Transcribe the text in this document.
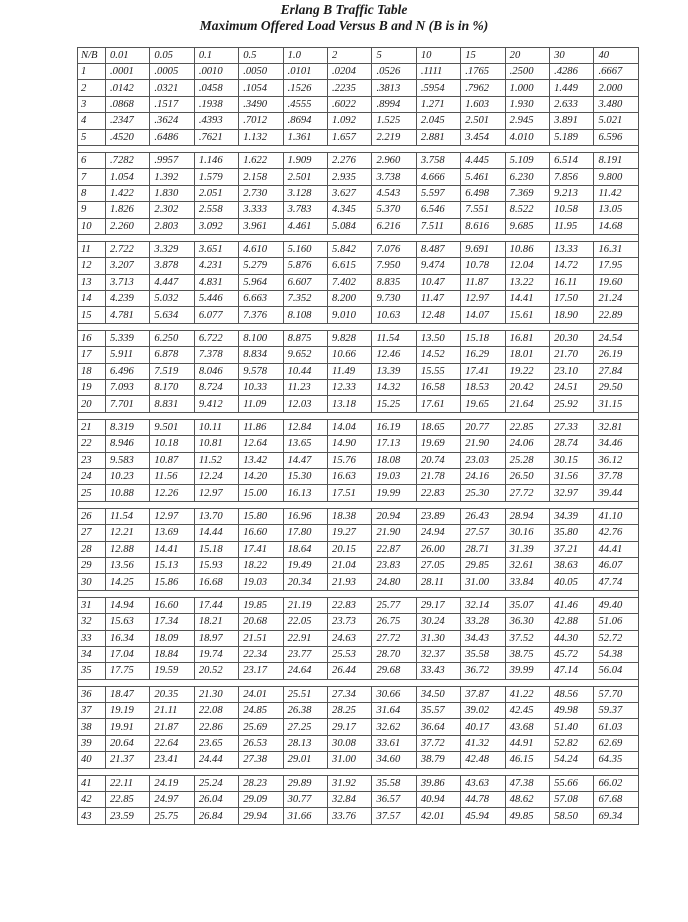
Erlang B Traffic Table
Maximum Offered Load Versus B and N (B is in %)
N/B	0.01	0.05	0.1	0.5	1.0	2	5	10	15	20	30	40
1	.0001	.0005	.0010	.0050	.0101	.0204	.0526	.1111	.1765	.2500	.4286	.6667
2	.0142	.0321	.0458	.1054	.1526	.2235	.3813	.5954	.7962	1.000	1.449	2.000
3	.0868	.1517	.1938	.3490	.4555	.6022	.8994	1.271	1.603	1.930	2.633	3.480
4	.2347	.3624	.4393	.7012	.8694	1.092	1.525	2.045	2.501	2.945	3.891	5.021
5	.4520	.6486	.7621	1.132	1.361	1.657	2.219	2.881	3.454	4.010	5.189	6.596

6	.7282	.9957	1.146	1.622	1.909	2.276	2.960	3.758	4.445	5.109	6.514	8.191
7	1.054	1.392	1.579	2.158	2.501	2.935	3.738	4.666	5.461	6.230	7.856	9.800
8	1.422	1.830	2.051	2.730	3.128	3.627	4.543	5.597	6.498	7.369	9.213	11.42
9	1.826	2.302	2.558	3.333	3.783	4.345	5.370	6.546	7.551	8.522	10.58	13.05
10	2.260	2.803	3.092	3.961	4.461	5.084	6.216	7.511	8.616	9.685	11.95	14.68

11	2.722	3.329	3.651	4.610	5.160	5.842	7.076	8.487	9.691	10.86	13.33	16.31
12	3.207	3.878	4.231	5.279	5.876	6.615	7.950	9.474	10.78	12.04	14.72	17.95
13	3.713	4.447	4.831	5.964	6.607	7.402	8.835	10.47	11.87	13.22	16.11	19.60
14	4.239	5.032	5.446	6.663	7.352	8.200	9.730	11.47	12.97	14.41	17.50	21.24
15	4.781	5.634	6.077	7.376	8.108	9.010	10.63	12.48	14.07	15.61	18.90	22.89

16	5.339	6.250	6.722	8.100	8.875	9.828	11.54	13.50	15.18	16.81	20.30	24.54
17	5.911	6.878	7.378	8.834	9.652	10.66	12.46	14.52	16.29	18.01	21.70	26.19
18	6.496	7.519	8.046	9.578	10.44	11.49	13.39	15.55	17.41	19.22	23.10	27.84
19	7.093	8.170	8.724	10.33	11.23	12.33	14.32	16.58	18.53	20.42	24.51	29.50
20	7.701	8.831	9.412	11.09	12.03	13.18	15.25	17.61	19.65	21.64	25.92	31.15

21	8.319	9.501	10.11	11.86	12.84	14.04	16.19	18.65	20.77	22.85	27.33	32.81
22	8.946	10.18	10.81	12.64	13.65	14.90	17.13	19.69	21.90	24.06	28.74	34.46
23	9.583	10.87	11.52	13.42	14.47	15.76	18.08	20.74	23.03	25.28	30.15	36.12
24	10.23	11.56	12.24	14.20	15.30	16.63	19.03	21.78	24.16	26.50	31.56	37.78
25	10.88	12.26	12.97	15.00	16.13	17.51	19.99	22.83	25.30	27.72	32.97	39.44

26	11.54	12.97	13.70	15.80	16.96	18.38	20.94	23.89	26.43	28.94	34.39	41.10
27	12.21	13.69	14.44	16.60	17.80	19.27	21.90	24.94	27.57	30.16	35.80	42.76
28	12.88	14.41	15.18	17.41	18.64	20.15	22.87	26.00	28.71	31.39	37.21	44.41
29	13.56	15.13	15.93	18.22	19.49	21.04	23.83	27.05	29.85	32.61	38.63	46.07
30	14.25	15.86	16.68	19.03	20.34	21.93	24.80	28.11	31.00	33.84	40.05	47.74

31	14.94	16.60	17.44	19.85	21.19	22.83	25.77	29.17	32.14	35.07	41.46	49.40
32	15.63	17.34	18.21	20.68	22.05	23.73	26.75	30.24	33.28	36.30	42.88	51.06
33	16.34	18.09	18.97	21.51	22.91	24.63	27.72	31.30	34.43	37.52	44.30	52.72
34	17.04	18.84	19.74	22.34	23.77	25.53	28.70	32.37	35.58	38.75	45.72	54.38
35	17.75	19.59	20.52	23.17	24.64	26.44	29.68	33.43	36.72	39.99	47.14	56.04

36	18.47	20.35	21.30	24.01	25.51	27.34	30.66	34.50	37.87	41.22	48.56	57.70
37	19.19	21.11	22.08	24.85	26.38	28.25	31.64	35.57	39.02	42.45	49.98	59.37
38	19.91	21.87	22.86	25.69	27.25	29.17	32.62	36.64	40.17	43.68	51.40	61.03
39	20.64	22.64	23.65	26.53	28.13	30.08	33.61	37.72	41.32	44.91	52.82	62.69
40	21.37	23.41	24.44	27.38	29.01	31.00	34.60	38.79	42.48	46.15	54.24	64.35

41	22.11	24.19	25.24	28.23	29.89	31.92	35.58	39.86	43.63	47.38	55.66	66.02
42	22.85	24.97	26.04	29.09	30.77	32.84	36.57	40.94	44.78	48.62	57.08	67.68
43	23.59	25.75	26.84	29.94	31.66	33.76	37.57	42.01	45.94	49.85	58.50	69.34
